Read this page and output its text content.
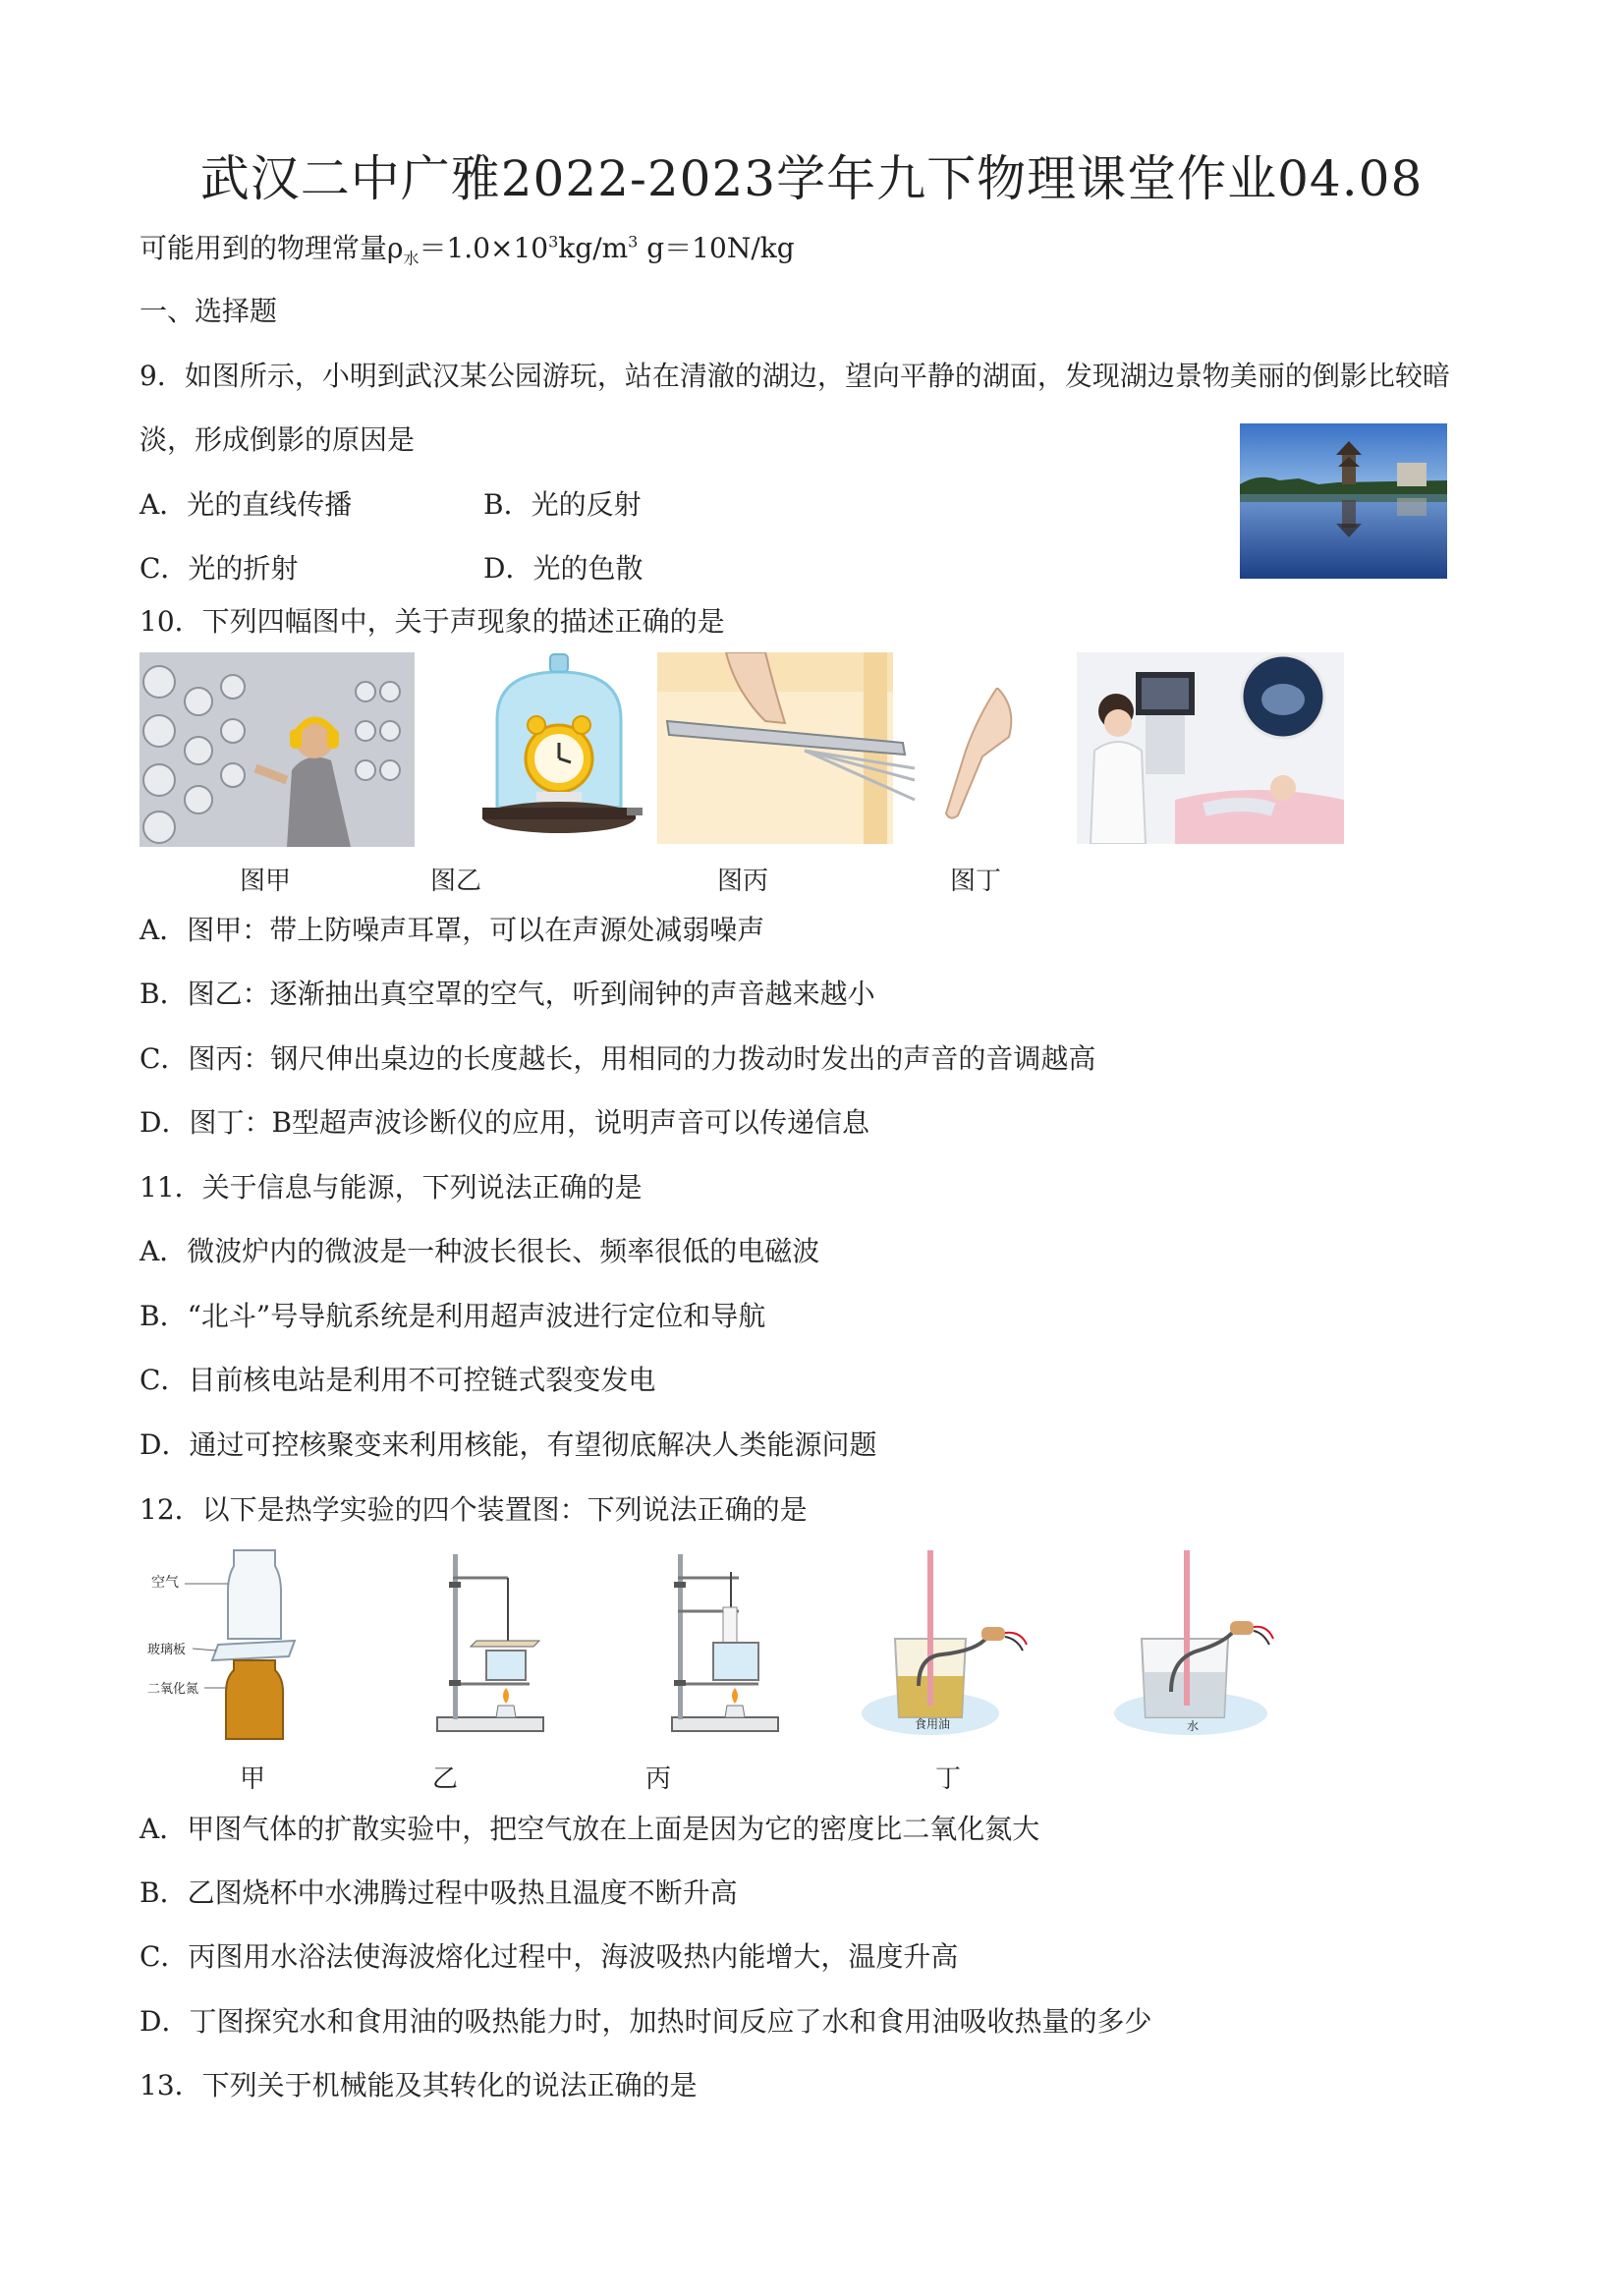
武汉二中广雅2022-2023学年九下物理课堂作业04.08
可能用到的物理常量$\rho_水=1.0\times 10^3kg/m^3$ g＝10N/kg
一、选择题
9．如图所示，小明到武汉某公园游玩，站在清澈的湖边，望向平静的湖面，发现湖边景物美丽的倒影比较暗
淡，形成倒影的原因是
A．光的直线传播	B．光的反射
C．光的折射	D．光的色散
10．下列四幅图中，关于声现象的描述正确的是
图甲	图乙	图丙	图丁
A．图甲：带上防噪声耳罩，可以在声源处减弱噪声
B．图乙：逐渐抽出真空罩的空气，听到闹钟的声音越来越小
C．图丙：钢尺伸出桌边的长度越长，用相同的力拨动时发出的声音的音调越高
D．图丁：B型超声波诊断仪的应用，说明声音可以传递信息
11．关于信息与能源，下列说法正确的是
A．微波炉内的微波是一种波长很长、频率很低的电磁波
B．“北斗”号导航系统是利用超声波进行定位和导航
C．目前核电站是利用不可控链式裂变发电
D．通过可控核聚变来利用核能，有望彻底解决人类能源问题
12．以下是热学实验的四个装置图：下列说法正确的是
空气
玻璃板
二氧化氮
食用油	水
甲	乙	丙	丁
A．甲图气体的扩散实验中，把空气放在上面是因为它的密度比二氧化氮大
B．乙图烧杯中水沸腾过程中吸热且温度不断升高
C．丙图用水浴法使海波熔化过程中，海波吸热内能增大，温度升高
D．丁图探究水和食用油的吸热能力时，加热时间反应了水和食用油吸收热量的多少
13．下列关于机械能及其转化的说法正确的是
